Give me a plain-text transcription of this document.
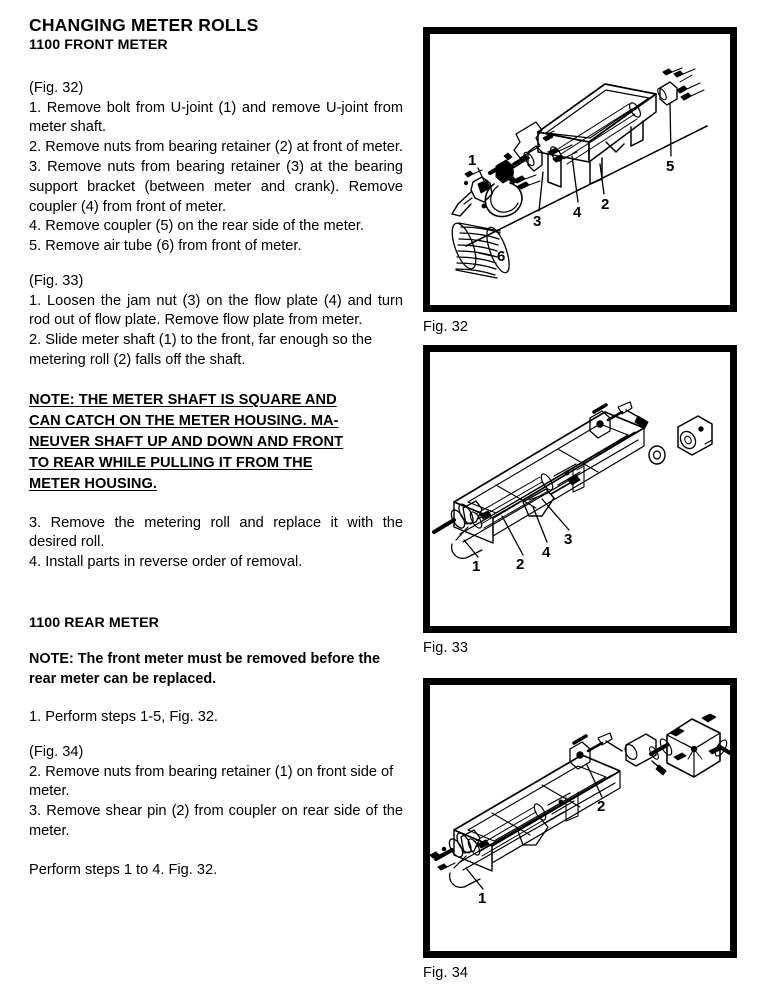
CHANGING METER ROLLS
1100 FRONT METER

(Fig. 32)

1. Remove bolt from U-joint (1) and remove U-joint from meter shaft.

2. Remove nuts from bearing retainer (2) at front of meter.

3. Remove nuts from bearing retainer (3) at the bearing support bracket (between meter and crank). Remove coupler (4) from front of meter.

4. Remove coupler (5) on the rear side of the meter.

5. Remove air tube (6) from front of meter.

(Fig. 33)

1. Loosen the jam nut (3) on the flow plate (4) and turn rod out of flow plate. Remove flow plate from meter.

2. Slide meter shaft (1) to the front, far enough so the metering roll (2) falls off the shaft.

NOTE: THE METER SHAFT IS SQUARE AND
CAN CATCH ON THE METER HOUSING. MA-
NEUVER SHAFT UP AND DOWN AND FRONT
TO REAR WHILE PULLING IT FROM THE
METER HOUSING.

3. Remove the metering roll and replace it with the desired roll.

4. Install parts in reverse order of removal.

1100 REAR METER

NOTE: The front meter must be removed before the rear meter can be replaced.

1. Perform steps 1-5, Fig. 32.

(Fig. 34)

2. Remove nuts from bearing retainer (1) on front side of meter.

3. Remove shear pin (2) from coupler on rear side of the meter.

Perform steps 1 to 4. Fig. 32.

1
2
3
4
5
6
Fig. 32
1 2
4
3
Fig. 33
1
2
Fig. 34
